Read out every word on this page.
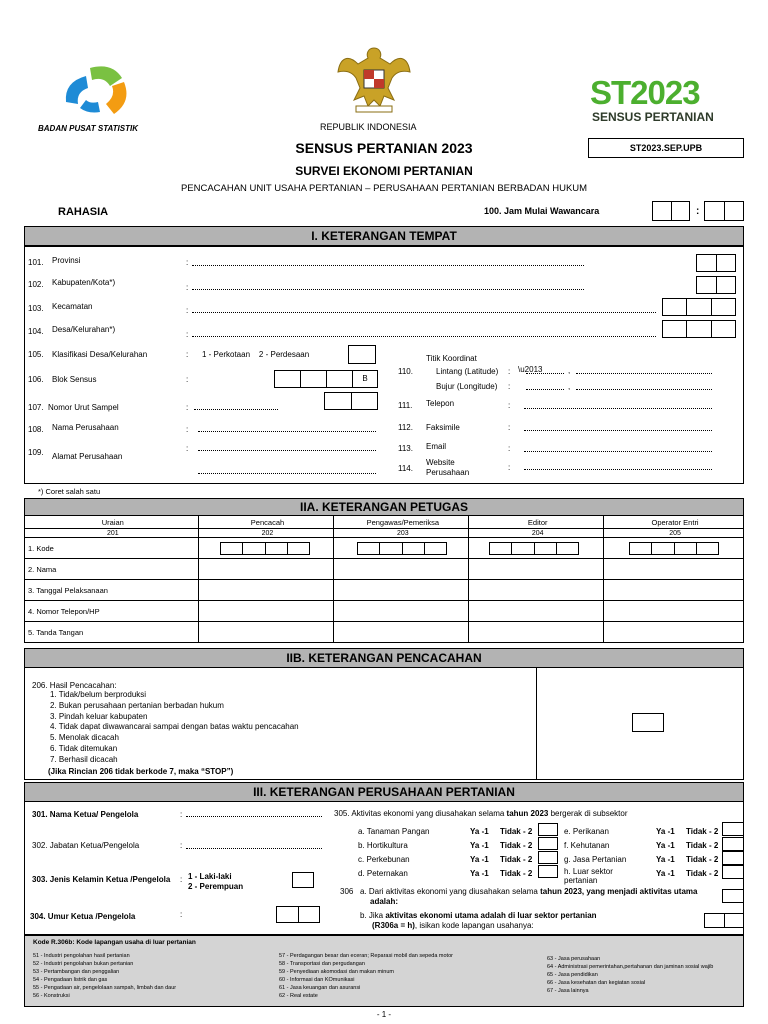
BADAN PUSAT STATISTIK	REPUBLIK INDONESIA
ST2023
SENSUS PERTANIAN
SENSUS PERTANIAN 2023
SURVEI EKONOMI PERTANIAN
PENCACAHAN UNIT USAHA PERTANIAN – PERUSAHAAN PERTANIAN BERBADAN HUKUM
ST2023.SEP.UPB
RAHASIA	100. Jam Mulai Wawancara	:
I. KETERANGAN TEMPAT
101. Provinsi	:
102. Kabupaten/Kota*)
:
103. Kecamatan	:
104. Desa/Kelurahan*)
:
105. Klasifikasi Desa/Kelurahan	: 1 - Perkotaan    2 - Perdesaan
106. Blok Sensus	:	B
107. Nomor Urut Sampel	:
108. Nama Perusahaan	:
109. Alamat Perusahaan
:
Titik Koordinat
110.	Lintang (Latitude) : \u2013	,
Bujur (Longitude) :	,
111. Telepon	:
112. Faksimile	:
113. Email	:
114.
Website Perusahaan
:
*) Coret salah satu
IIA. KETERANGAN PETUGAS
Uraian	Pencacah	Pengawas/Pemeriksa	Editor	Operator Entri
201	202	203	204	205
1. Kode	

2. Nama				
3. Tanggal Pelaksanaan				
4. Nomor Telepon/HP				
5. Tanda Tangan				
IIB. KETERANGAN PENCACAHAN
206. Hasil Pencacahan:
1. Tidak/belum berproduksi
2. Bukan perusahaan pertanian berbadan hukum
3. Pindah keluar kabupaten
4. Tidak dapat diwawancarai sampai dengan batas waktu pencacahan
5. Menolak dicacah
6. Tidak ditemukan
7. Berhasil dicacah
(Jika Rincian 206 tidak berkode 7, maka “STOP”)
III. KETERANGAN PERUSAHAAN PERTANIAN
301. Nama Ketua/ Pengelola	:
302. Jabatan Ketua/Pengelola	:
303. Jenis Kelamin Ketua /Pengelola : 1 - Laki-laki
2 - Perempuan
304. Umur Ketua /Pengelola	:
305. Aktivitas ekonomi yang diusahakan selama tahun 2023 bergerak di subsektor
a. Tanaman Pangan	Ya -1 Tidak - 2
b. Hortikultura	Ya -1 Tidak - 2
c. Perkebunan	Ya -1 Tidak - 2
d. Peternakan	Ya -1 Tidak - 2
e. Perikanan	Ya -1 Tidak - 2
f. Kehutanan	Ya -1 Tidak - 2
g. Jasa Pertanian	Ya -1 Tidak - 2
h. Luar sektor pertanian
Ya -1 Tidak - 2
306 a. Dari aktivitas ekonomi yang diusahakan selama tahun 2023, yang menjadi aktivitas utama
adalah:
b. Jika aktivitas ekonomi utama adalah di luar sektor pertanian
(R306a = h), isikan kode lapangan usahanya:
Kode R.306b: Kode lapangan usaha di luar pertanian
51 - Industri pengolahan hasil pertanian
52 - Industri pengolahan bukan pertanian
53 - Pertambangan dan penggalian
54 - Pengadaan listrik dan gas
55 - Pengadaan air, pengelolaan sampah, limbah dan daur
56 - Konstruksi
57 - Perdagangan besar dan eceran; Reparasi mobil dan sepeda motor
58 - Transportasi dan pergudangan
59 - Penyediaan akomodasi dan makan minum
60 - Informasi dan KOmunikasi
61 - Jasa keuangan dan asuransi
62 - Real estate
63 - Jasa perusahaan
64 - Administrasi pemerintahan,pertahanan dan jaminan sosial wajib
65 - Jasa pendidikan
66 - Jasa kesehatan dan kegiatan sosial
67 - Jasa lainnya
- 1 -
